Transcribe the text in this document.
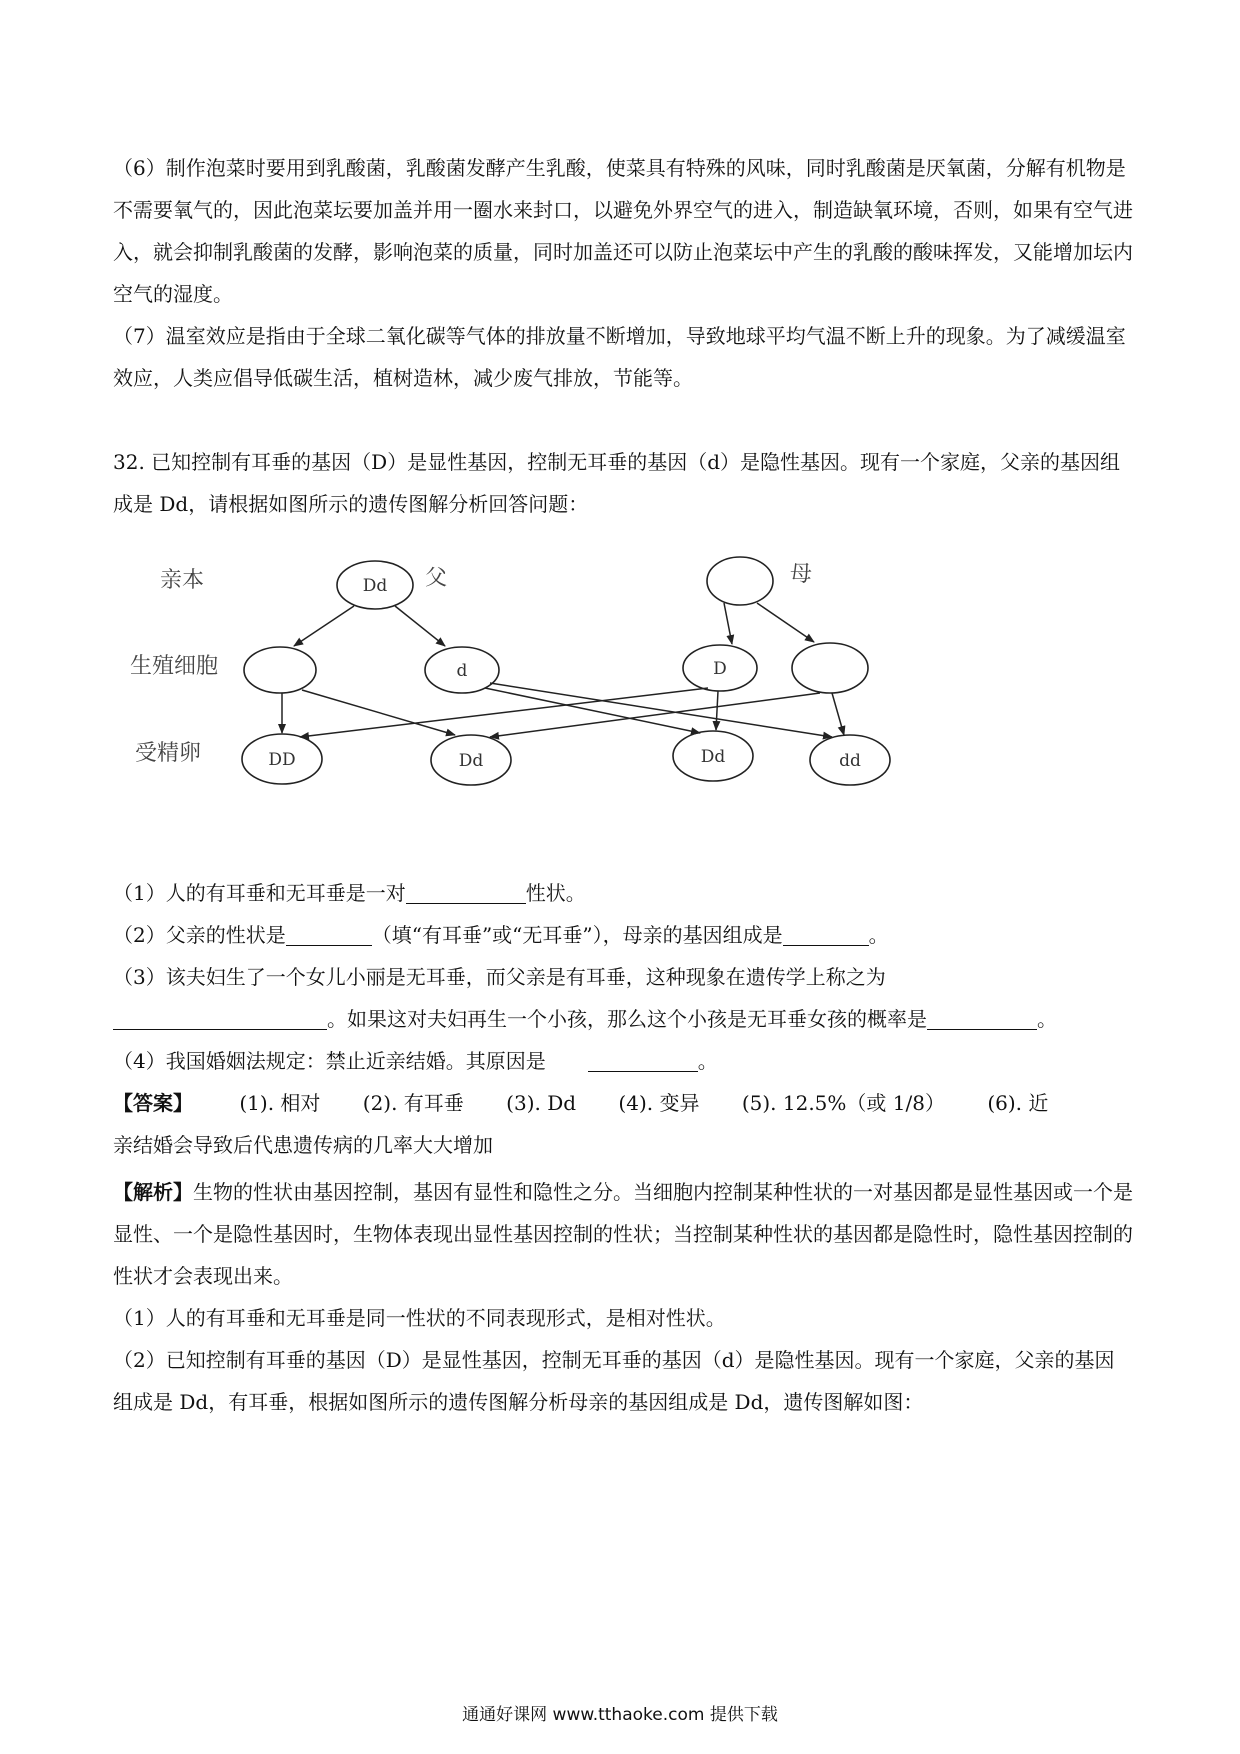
（6）制作泡菜时要用到乳酸菌，乳酸菌发酵产生乳酸，使菜具有特殊的风味，同时乳酸菌是厌氧菌，分解有机物是不需要氧气的，因此泡菜坛要加盖并用一圈水来封口，以避免外界空气的进入，制造缺氧环境，否则，如果有空气进入，就会抑制乳酸菌的发酵，影响泡菜的质量，同时加盖还可以防止泡菜坛中产生的乳酸的酸味挥发，又能增加坛内空气的湿度。

（7）温室效应是指由于全球二氧化碳等气体的排放量不断增加，导致地球平均气温不断上升的现象。为了减缓温室效应，人类应倡导低碳生活，植树造林，减少废气排放，节能等。

32. 已知控制有耳垂的基因（D）是显性基因，控制无耳垂的基因（d）是隐性基因。现有一个家庭，父亲的基因组成是 Dd，请根据如图所示的遗传图解分析回答问题：

亲本
生殖细胞
受精卵
Dd
d	D
DD	Dd	Dd	dd
父	母
（1）人的有耳垂和无耳垂是一对	性状。
（2）父亲的性状是	（填“有耳垂”或“无耳垂”），母亲的基因组成是	。
（3）该夫妇生了一个女儿小丽是无耳垂，而父亲是有耳垂，这种现象在遗传学上称之为
。如果这对夫妇再生一个小孩，那么这个小孩是无耳垂女孩的概率是	。
（4）我国婚姻法规定：禁止近亲结婚。其原因是	。
【答案】 (1). 相对 (2). 有耳垂 (3). Dd (4). 变异 (5). 12.5%（或 1/8） (6). 近
亲结婚会导致后代患遗传病的几率大大增加

【解析】生物的性状由基因控制，基因有显性和隐性之分。当细胞内控制某种性状的一对基因都是显性基因或一个是显性、一个是隐性基因时，生物体表现出显性基因控制的性状；当控制某种性状的基因都是隐性时，隐性基因控制的性状才会表现出来。

（1）人的有耳垂和无耳垂是同一性状的不同表现形式，是相对性状。

（2）已知控制有耳垂的基因（D）是显性基因，控制无耳垂的基因（d）是隐性基因。现有一个家庭，父亲的基因组成是 Dd，有耳垂，根据如图所示的遗传图解分析母亲的基因组成是 Dd，遗传图解如图：

通通好课网 www.tthaoke.com 提供下载
